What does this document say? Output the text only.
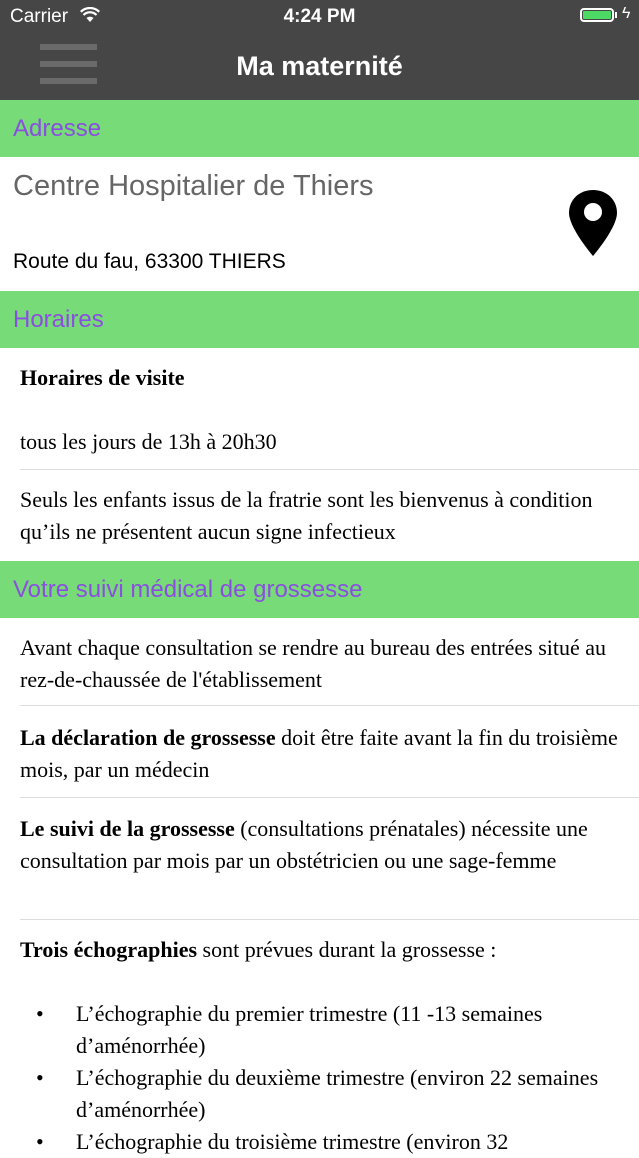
Carrier	4:24 PM	ϟ
Ma maternité
Adresse
Centre Hospitalier de Thiers
Route du fau, 63300 THIERS
Horaires
Horaires de visite
tous les jours de 13h à 20h30
Seuls les enfants issus de la fratrie sont les bienvenus à condition qu’ils ne présentent aucun signe infectieux
Votre suivi médical de grossesse
Avant chaque consultation se rendre au bureau des entrées situé au rez-de-chaussée de l'établissement
La déclaration de grossesse doit être faite avant la fin du troisième mois, par un médecin
Le suivi de la grossesse (consultations prénatales) nécessite une consultation par mois par un obstétricien ou une sage-femme
Trois échographies sont prévues durant la grossesse :
• L’échographie du premier trimestre (11 -13 semaines d’aménorrhée)
• L’échographie du deuxième trimestre (environ 22 semaines d’aménorrhée)
• L’échographie du troisième trimestre (environ 32
